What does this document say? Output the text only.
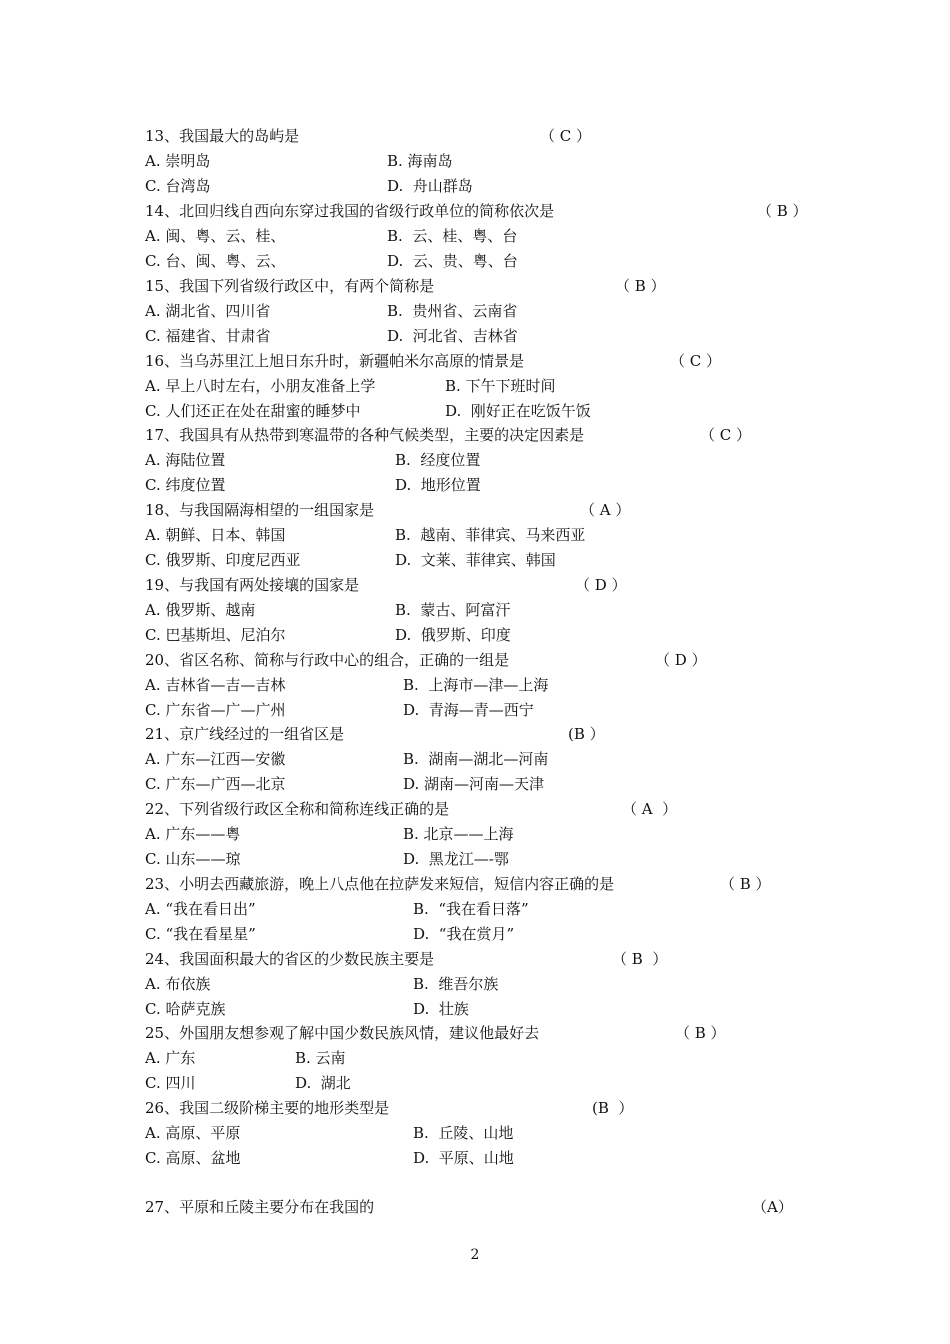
13、我国最大的岛屿是	（ C ）
A. 崇明岛	B. 海南岛
C. 台湾岛	D.  舟山群岛
14、北回归线自西向东穿过我国的省级行政单位的简称依次是	（ B ）
A. 闽、粤、云、桂、	B.  云、桂、粤、台
C. 台、闽、粤、云、	D.  云、贵、粤、台
15、我国下列省级行政区中，有两个简称是	（ B ）
A. 湖北省、四川省	B.  贵州省、云南省
C. 福建省、甘肃省	D.  河北省、吉林省
16、当乌苏里江上旭日东升时，新疆帕米尔高原的情景是	（ C ）
A. 早上八时左右，小朋友准备上学	B. 下午下班时间
C. 人们还正在处在甜蜜的睡梦中	D.  刚好正在吃饭午饭
17、我国具有从热带到寒温带的各种气候类型，主要的决定因素是	（ C ）
A. 海陆位置	B.  经度位置
C. 纬度位置	D.  地形位置
18、与我国隔海相望的一组国家是	（ A ）
A. 朝鲜、日本、韩国	B.  越南、菲律宾、马来西亚
C. 俄罗斯、印度尼西亚	D.  文莱、菲律宾、韩国
19、与我国有两处接壤的国家是	（ D ）
A. 俄罗斯、越南	B.  蒙古、阿富汗
C. 巴基斯坦、尼泊尔	D.  俄罗斯、印度
20、省区名称、简称与行政中心的组合，正确的一组是	（ D ）
A. 吉林省—吉—吉林	B.  上海市—津—上海
C. 广东省—广—广州	D.  青海—青—西宁
21、京广线经过的一组省区是	(B ）
A. 广东—江西—安徽	B.  湖南—湖北—河南
C. 广东—广西—北京	D. 湖南—河南—天津
22、下列省级行政区全称和简称连线正确的是	（ A  ）
A. 广东——粤	B. 北京——上海
C. 山东——琼	D.  黑龙江—-鄂
23、小明去西藏旅游，晚上八点他在拉萨发来短信，短信内容正确的是	（ B ）
A. “我在看日出”	B.  “我在看日落”
C. “我在看星星”	D.  “我在赏月”
24、我国面积最大的省区的少数民族主要是	（ B  ）
A. 布依族	B.  维吾尔族
C. 哈萨克族	D.  壮族
25、外国朋友想参观了解中国少数民族风情，建议他最好去	（ B ）
A. 广东	B. 云南
C. 四川	D.  湖北
26、我国二级阶梯主要的地形类型是	(B  ）
A. 高原、平原	B.  丘陵、山地
C. 高原、盆地	D.  平原、山地
27、平原和丘陵主要分布在我国的	（A）
2
